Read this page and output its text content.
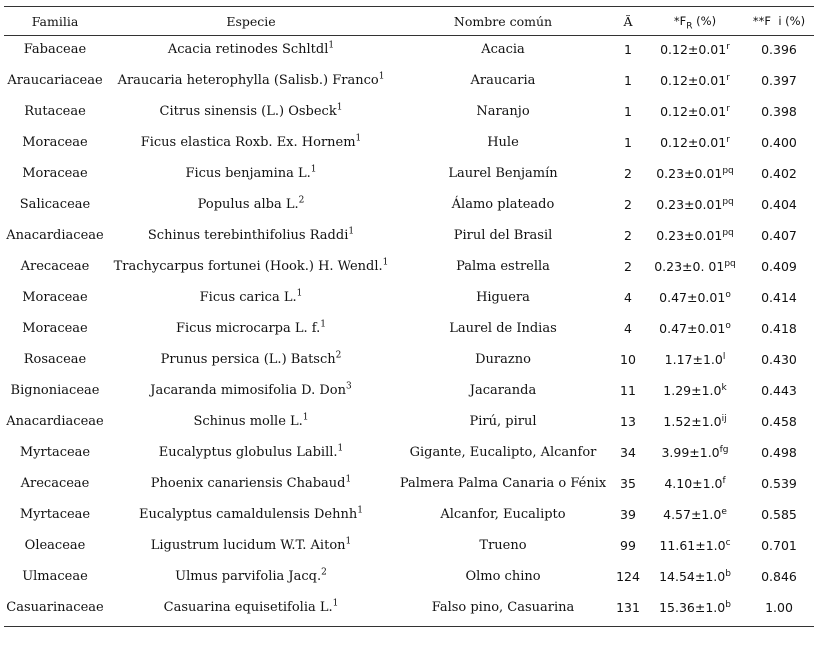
Familia	Especie	Nombre común	Ã	$*F_R$ (%)	**F  i (%)
Fabaceae	Acacia retinodes Schltdl$^1$	Acacia	1	$0.12\pm 0.01^r$	0.396
Araucariaceae	Araucaria heterophylla (Salisb.) Franco$^1$	Araucaria	1	$0.12\pm 0.01^r$	0.397
Rutaceae	Citrus sinensis (L.) Osbeck$^1$	Naranjo	1	$0.12\pm 0.01^r$	0.398
Moraceae	Ficus elastica Roxb. Ex. Hornem$^1$	Hule	1	$0.12\pm 0.01^r$	0.400
Moraceae	Ficus benjamina L.$^1$	Laurel Benjamín	2	$0.23\pm 0.01^{pq}$	0.402
Salicaceae	Populus alba L.$^2$	Álamo plateado	2	$0.23\pm 0.01^{pq}$	0.404
Anacardiaceae	Schinus terebinthifolius Raddi$^1$	Pirul del Brasil	2	$0.23\pm 0.01^{pq}$	0.407
Arecaceae	Trachycarpus fortunei (Hook.) H. Wendl.$^1$	Palma estrella	2	0.23±0. $01^{pq}$	0.409
Moraceae	Ficus carica L.$^1$	Higuera	4	$0.47\pm 0.01^o$	0.414
Moraceae	Ficus microcarpa L. f.$^1$	Laurel de Indias	4	$0.47\pm 0.01^o$	0.418
Rosaceae	Prunus persica (L.) Batsch$^2$	Durazno	10	$1.17\pm 1.0^l$	0.430
Bignoniaceae	Jacaranda mimosifolia D. Don$^3$	Jacaranda	11	$1.29\pm 1.0^k$	0.443
Anacardiaceae	Schinus molle L.$^1$	Pirú, pirul	13	$1.52\pm 1.0^{ij}$	0.458
Myrtaceae	Eucalyptus globulus Labill.$^1$	Gigante, Eucalipto, Alcanfor	34	3.99±1.0$^{fg}$	0.498
Arecaceae	Phoenix canariensis Chabaud$^1$	Palmera Palma Canaria o Fénix	35	4.10±1.0$^f$	0.539
Myrtaceae	Eucalyptus camaldulensis Dehnh$^1$	Alcanfor, Eucalipto	39	4.57±1.0$^e$	0.585
Oleaceae	Ligustrum lucidum W.T. Aiton$^1$	Trueno	99	11.61±1.0$^c$	0.701
Ulmaceae	Ulmus parvifolia Jacq.$^2$	Olmo chino	124	14.54±1.0$^b$	0.846
Casuarinaceae	Casuarina equisetifolia L.$^1$	Falso pino, Casuarina	131	15.36±1.0$^b$	1.00
